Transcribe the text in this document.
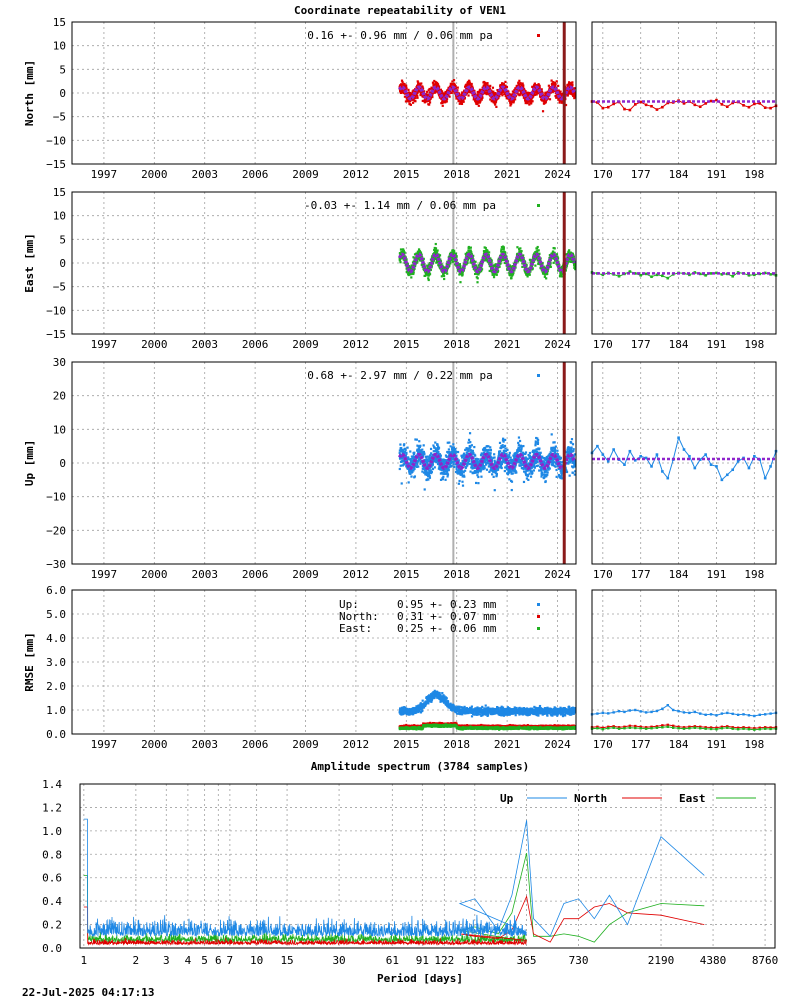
Coordinate repeatability of VEN1
15
10
5
0
−5
−10
−15
1997 2000 2003 2006 2009 2012 2015 2018 2021 2024 170 177 184 191 198
North [mm]
0.16 +- 0.96 mm / 0.06 mm pa
15
10
5
0
−5
−10
−15
1997 2000 2003 2006 2009 2012 2015 2018 2021 2024 170 177 184 191 198
East [mm]
-0.03 +- 1.14 mm / 0.06 mm pa
30
20
10
0
−10
−20
−30
1997 2000 2003 2006 2009 2012 2015 2018 2021 2024 170 177 184 191 198
Up [mm]
0.68 +- 2.97 mm / 0.22 mm pa
6.0
5.0
4.0
3.0
2.0
1.0
0.0
1997 2000 2003 2006 2009 2012 2015 2018 2021 2024 170 177 184 191 198
RMSE [mm]
Up:	0.95 +- 0.23 mm
North: 0.31 +- 0.07 mm
East: 0.25 +- 0.06 mm
Amplitude spectrum (3784 samples)
Period [days]
1.4
1.2
1.0
0.8
0.6
0.4
0.2
0.0
1	2 3 4 5 6 7 10 15	30	61 91 122 183	365	730	2190 4380 8760
Up	North	East
22-Jul-2025 04:17:13
